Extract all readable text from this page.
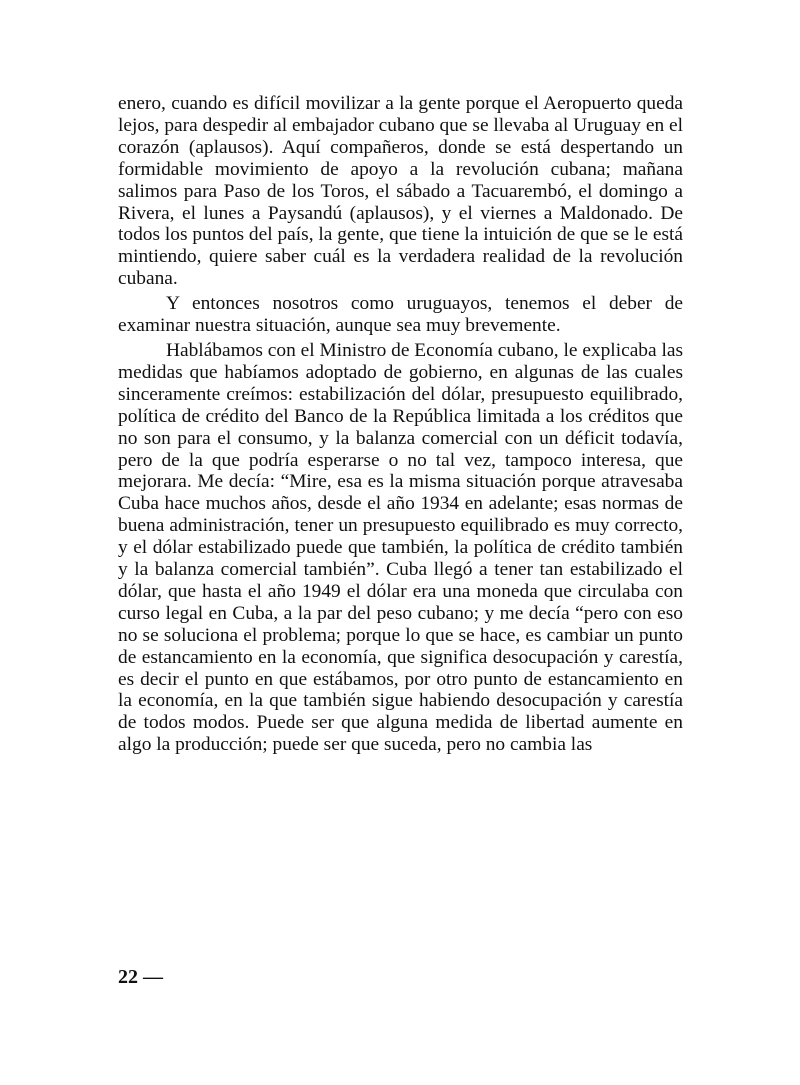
enero, cuando es difícil movilizar a la gente porque el Aeropuerto queda lejos, para despedir al embajador cubano que se llevaba al Uruguay en el corazón (aplausos). Aquí compañeros, donde se está despertando un formidable movimiento de apoyo a la revolución cubana; mañana salimos para Paso de los Toros, el sábado a Tacuarembó, el domingo a Rivera, el lunes a Paysandú (aplausos), y el viernes a Maldonado. De todos los puntos del país, la gente, que tiene la intuición de que se le está mintiendo, quiere saber cuál es la verdadera realidad de la revolución cubana.

Y entonces nosotros como uruguayos, tenemos el deber de examinar nuestra situación, aunque sea muy brevemente.

Hablábamos con el Ministro de Economía cubano, le explicaba las medidas que habíamos adoptado de gobierno, en algunas de las cuales sinceramente creímos: estabilización del dólar, presupuesto equilibrado, política de crédito del Banco de la República limitada a los créditos que no son para el consumo, y la balanza comercial con un déficit todavía, pero de la que podría esperarse o no tal vez, tampoco interesa, que mejorara. Me decía: “Mire, esa es la misma situación porque atravesaba Cuba hace muchos años, desde el año 1934 en adelante; esas normas de buena administración, tener un presupuesto equilibrado es muy correcto, y el dólar estabilizado puede que también, la política de crédito también y la balanza comercial también”. Cuba llegó a tener tan estabilizado el dólar, que hasta el año 1949 el dólar era una moneda que circulaba con curso legal en Cuba, a la par del peso cubano; y me decía “pero con eso no se soluciona el problema; porque lo que se hace, es cambiar un punto de estancamiento en la economía, que significa desocupación y carestía, es decir el punto en que estábamos, por otro punto de estancamiento en la economía, en la que también sigue habiendo desocupación y carestía de todos modos. Puede ser que alguna medida de libertad aumente en algo la producción; puede ser que suceda, pero no cambia las

22 —
